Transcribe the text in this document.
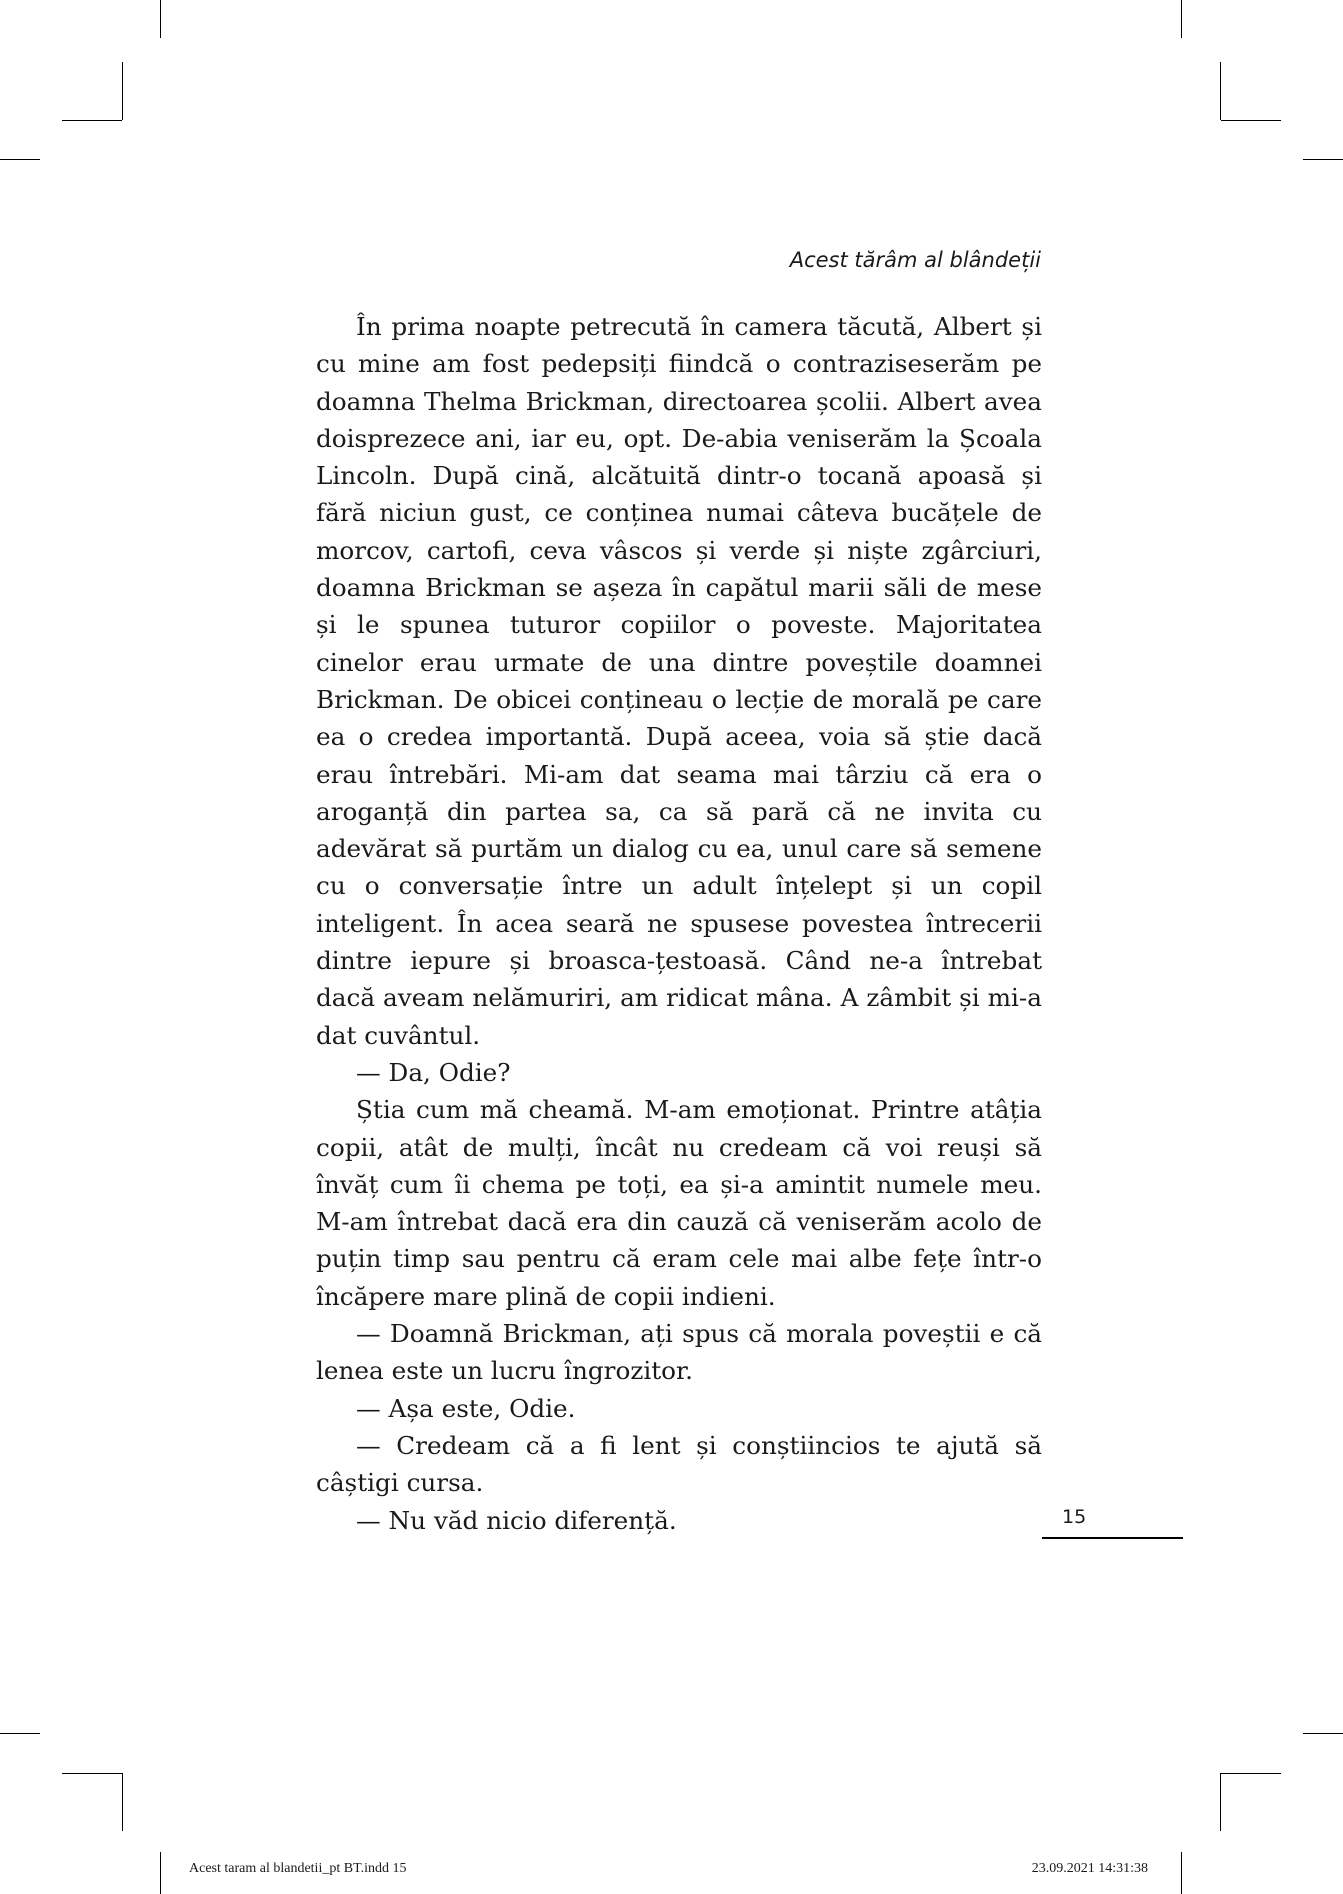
Acest tărâm al blândeții

În prima noapte petrecută în camera tăcută, Albert și cu mine am fost pedepsiți fiindcă o contraziseserăm pe doamna Thelma Brickman, directoarea școlii. Albert avea doisprezece ani, iar eu, opt. De-abia veniserăm la Școala Lincoln. După cină, alcătuită dintr-o tocană apoasă și fără niciun gust, ce conținea numai câteva bucățele de morcov, cartofi, ceva vâscos și verde și niște zgârciuri, doamna Brickman se așeza în capătul marii săli de mese și le spunea tuturor copiilor o poveste. Majoritatea cinelor erau urmate de una dintre poveștile doamnei Brickman. De obicei conțineau o lecție de morală pe care ea o credea importantă. După aceea, voia să știe dacă erau întrebări. Mi-am dat seama mai târziu că era o aroganță din partea sa, ca să pară că ne invita cu adevărat să purtăm un dialog cu ea, unul care să semene cu o conversație între un adult înțelept și un copil inteligent. În acea seară ne spusese povestea întrecerii dintre iepure și broasca-țestoasă. Când ne-a întrebat dacă aveam nelămuriri, am ridicat mâna. A zâmbit și mi-a dat cuvântul.

— Da, Odie?

Știa cum mă cheamă. M-am emoționat. Printre atâția copii, atât de mulți, încât nu credeam că voi reuși să învăț cum îi chema pe toți, ea și-a amintit numele meu. M-am întrebat dacă era din cauză că veniserăm acolo de puțin timp sau pentru că eram cele mai albe fețe într-o încăpere mare plină de copii indieni.

— Doamnă Brickman, ați spus că morala poveștii e că lenea este un lucru îngrozitor.

— Așa este, Odie.

— Credeam că a fi lent și conștiincios te ajută să câștigi cursa.

— Nu văd nicio diferență.	15
Acest taram al blandetii_pt BT.indd 15	23.09.2021 14:31:38
